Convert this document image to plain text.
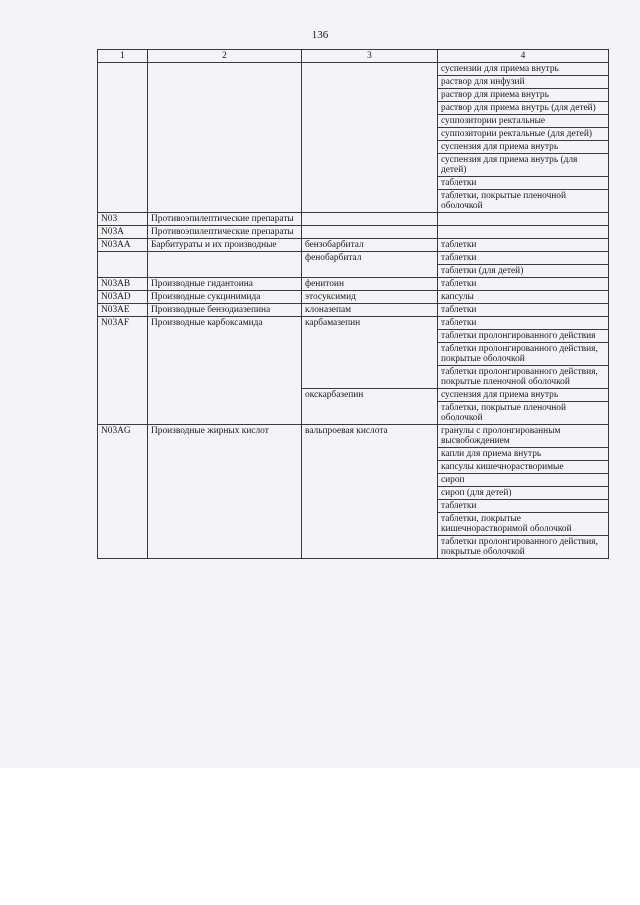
136
1	2	3	4
			суспензии для приема внутрь
			раствор для инфузий
			раствор для приема внутрь
			раствор для приема внутрь (для детей)
			суппозитории ректальные
			суппозитории ректальные (для детей)
			суспензия для приема внутрь
			суспензия для приема внутрь (для детей)
			таблетки
			таблетки, покрытые пленочной оболочкой
N03	Противоэпилептические препараты		
N03A	Противоэпилептические препараты		
N03AA	Барбитураты и их производные	бензобарбитал	таблетки
		фенобарбитал	таблетки
			таблетки (для детей)
N03AB	Производные гидантоина	фенитоин	таблетки
N03AD	Производные сукцинимида	этосуксимид	капсулы
N03AE	Производные бензодиазепина	клоназепам	таблетки
N03AF	Производные карбоксамида	карбамазепин	таблетки
			таблетки пролонгированного действия
			таблетки пролонгированного действия, покрытые оболочкой
			таблетки пролонгированного действия, покрытые пленочной оболочкой
		окскарбазепин	суспензия для приема внутрь
			таблетки, покрытые пленочной оболочкой
N03AG	Производные жирных кислот	вальпроевая кислота	гранулы с пролонгированным высвобождением
			капли для приема внутрь
			капсулы кишечнорастворимые
			сироп
			сироп (для детей)
			таблетки
			таблетки, покрытые кишечнорастворимой оболочкой
			таблетки пролонгированного действия, покрытые оболочкой
